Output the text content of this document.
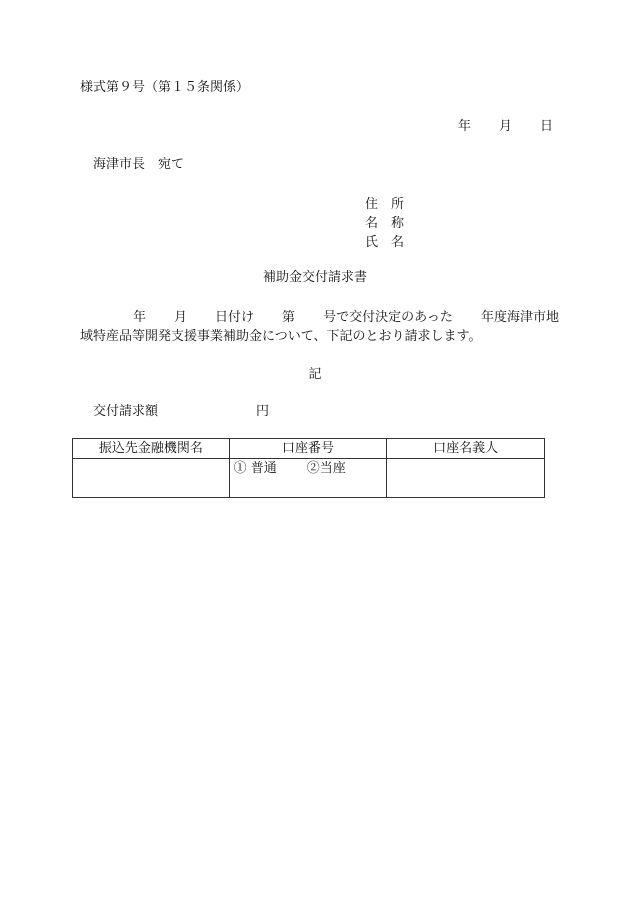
様式第９号（第１５条関係）
年 月 日
海津市長　宛て
住　所
名　称
氏　名
補助金交付請求書
年 月 日付け 第 号で交付決定のあった 年度海津市地
域特産品等開発支援事業補助金について、下記のとおり請求します。
記
交付請求額	円
振込先金融機関名	口座番号	口座名義人
	① 普通 ②当座	
